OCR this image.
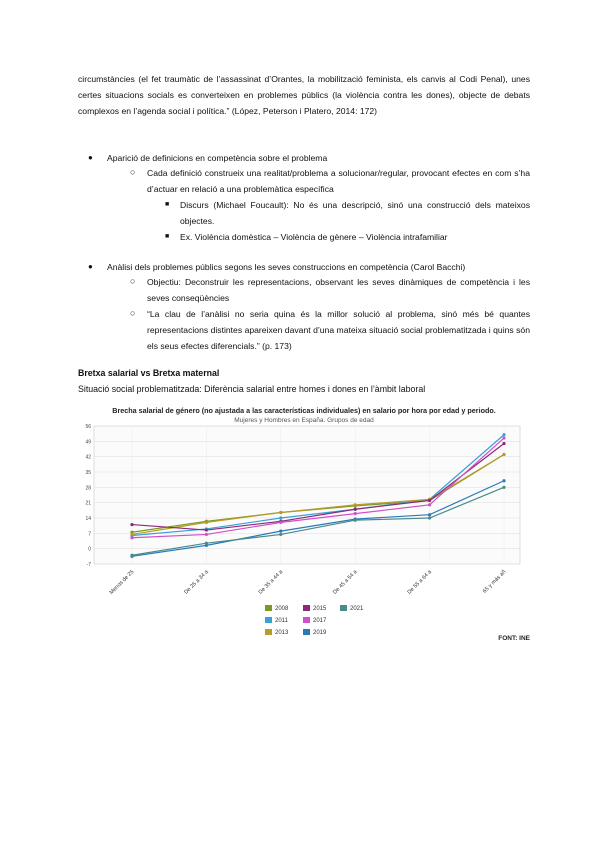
circumstàncies (el fet traumàtic de l’assassinat d’Orantes, la mobilització feminista, els canvis al Codi Penal), unes certes situacions socials es converteixen en problemes públics (la violència contra les dones), objecte de debats complexos en l’agenda social i política.” (López, Peterson i Platero, 2014: 172)
● Aparició de definicions en competència sobre el problema
○ Cada definició construeix una realitat/problema a solucionar/regular, provocant efectes en com s’ha d’actuar en relació a una problemàtica específica
■ Discurs (Michael Foucault): No és una descripció, sinó una construcció dels mateixos objectes.
■ Ex. Violència domèstica – Violència de gènere – Violència intrafamiliar
● Anàlisi dels problemes públics segons les seves construccions en competència (Carol Bacchi)
○ Objectiu: Deconstruir les representacions, observant les seves dinàmiques de competència i les seves conseqüències
○ “La clau de l’anàlisi no seria quina és la millor solució al problema, sinó més bé quantes representacions distintes apareixen davant d’una mateixa situació social problematitzada i quins són els seus efectes diferencials.” (p. 173)
Bretxa salarial vs Bretxa maternal
Situació social problematitzada: Diferència salarial entre homes i dones en l’àmbit laboral
Brecha salarial de género (no ajustada a las características individuales) en salario por hora por edad y periodo.
Mujeres y Hombres en España. Grupos de edad
-7
0
7
14
21
28
35
42
49
56
Menos de 25	De 25 a 34 a	De 35 a 44 a	De 45 a 54 a	De 55 a 64 a	65 y más añ
2008
2011
2013
2015
2017
2019
2021
FONT: INE
